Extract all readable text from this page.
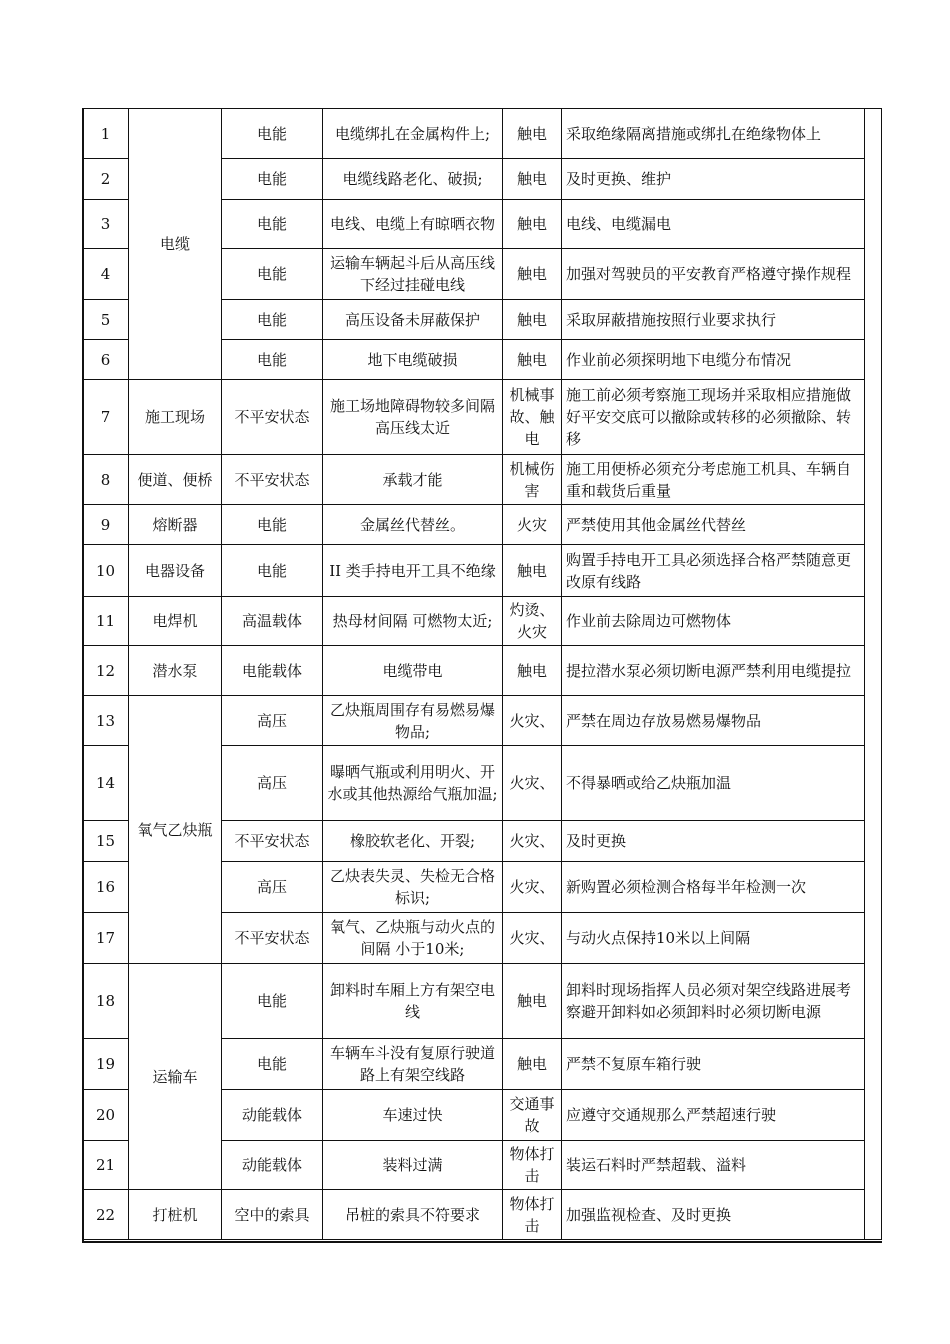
1	电缆	电能	电缆绑扎在金属构件上;	触电	采取绝缘隔离措施或绑扎在绝缘物体上	
2		电能	电缆线路老化、破损;	触电	及时更换、维护	
3		电能	电线、电缆上有晾晒衣物	触电	电线、电缆漏电	
4		电能	运输车辆起斗后从高压线下经过挂碰电线	触电	加强对驾驶员的平安教育严格遵守操作规程	
5		电能	高压设备未屏蔽保护	触电	采取屏蔽措施按照行业要求执行	
6		电能	地下电缆破损	触电	作业前必须探明地下电缆分布情况	
7	施工现场	不平安状态	施工场地障碍物较多间隔 高压线太近	机械事故、触电	施工前必须考察施工现场并采取相应措施做好平安交底可以撤除或转移的必须撤除、转移	
8	便道、便桥	不平安状态	承载才能	机械伤害	施工用便桥必须充分考虑施工机具、车辆自重和载货后重量	
9	熔断器	电能	金属丝代替丝。	火灾	严禁使用其他金属丝代替丝	
10	电器设备	电能	II 类手持电开工具不绝缘	触电	购置手持电开工具必须选择合格严禁随意更改原有线路	
11	电焊机	高温载体	热母材间隔 可燃物太近;	灼烫、火灾	作业前去除周边可燃物体	
12	潜水泵	电能载体	电缆带电	触电	提拉潜水泵必须切断电源严禁利用电缆提拉	
13	氧气乙炔瓶	高压	乙炔瓶周围存有易燃易爆物品;	火灾、	严禁在周边存放易燃易爆物品	
14		高压	曝晒气瓶或利用明火、开水或其他热源给气瓶加温;	火灾、	不得暴晒或给乙炔瓶加温	
15		不平安状态	橡胶软老化、开裂;	火灾、	及时更换	
16		高压	乙炔表失灵、失检无合格标识;	火灾、	新购置必须检测合格每半年检测一次	
17		不平安状态	氧气、乙炔瓶与动火点的间隔 小于10米;	火灾、	与动火点保持10米以上间隔	
18	运输车	电能	卸料时车厢上方有架空电线	触电	卸料时现场指挥人员必须对架空线路进展考察避开卸料如必须卸料时必须切断电源	
19		电能	车辆车斗没有复原行驶道路上有架空线路	触电	严禁不复原车箱行驶	
20		动能载体	车速过快	交通事故	应遵守交通规那么严禁超速行驶	
21		动能载体	装料过满	物体打击	装运石料时严禁超载、溢料	
22	打桩机	空中的索具	吊桩的索具不符要求	物体打击	加强监视检查、及时更换	
